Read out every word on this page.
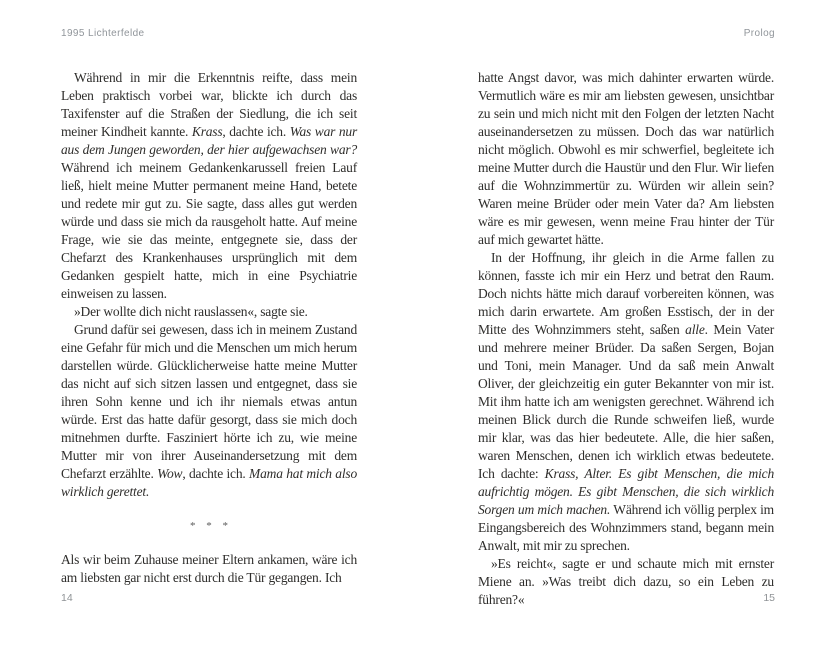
1995 Lichterfelde	Prolog

Während in mir die Erkenntnis reifte, dass mein Leben praktisch vorbei war, blickte ich durch das Taxifenster auf die Straßen der Siedlung, die ich seit meiner Kindheit kannte. Krass, dachte ich. Was war nur aus dem Jungen geworden, der hier aufgewachsen war? Während ich meinem Gedankenkarussell freien Lauf ließ, hielt meine Mutter permanent meine Hand, betete und redete mir gut zu. Sie sagte, dass alles gut werden würde und dass sie mich da rausgeholt hatte. Auf meine Frage, wie sie das meinte, entgegnete sie, dass der Chefarzt des Krankenhauses ursprünglich mit dem Gedanken gespielt hatte, mich in eine Psychiatrie einweisen zu lassen.

»Der wollte dich nicht rauslassen«, sagte sie.

Grund dafür sei gewesen, dass ich in meinem Zustand eine Gefahr für mich und die Menschen um mich herum darstellen würde. Glücklicherweise hatte meine Mutter das nicht auf sich sitzen lassen und entgegnet, dass sie ihren Sohn kenne und ich ihr niemals etwas antun würde. Erst das hatte dafür gesorgt, dass sie mich doch mitnehmen durfte. Fasziniert hörte ich zu, wie meine Mutter mir von ihrer Auseinandersetzung mit dem Chefarzt erzählte. Wow, dachte ich. Mama hat mich also wirklich gerettet.

* * *

Als wir beim Zuhause meiner Eltern ankamen, wäre ich am liebsten gar nicht erst durch die Tür gegangen. Ich

hatte Angst davor, was mich dahinter erwarten würde. Vermutlich wäre es mir am liebsten gewesen, unsichtbar zu sein und mich nicht mit den Folgen der letzten Nacht auseinandersetzen zu müssen. Doch das war natürlich nicht möglich. Obwohl es mir schwerfiel, begleitete ich meine Mutter durch die Haustür und den Flur. Wir liefen auf die Wohnzimmertür zu. Würden wir allein sein? Waren meine Brüder oder mein Vater da? Am liebsten wäre es mir gewesen, wenn meine Frau hinter der Tür auf mich gewartet hätte.

In der Hoffnung, ihr gleich in die Arme fallen zu können, fasste ich mir ein Herz und betrat den Raum. Doch nichts hätte mich darauf vorbereiten können, was mich darin erwartete. Am großen Esstisch, der in der Mitte des Wohnzimmers steht, saßen alle. Mein Vater und mehrere meiner Brüder. Da saßen Sergen, Bojan und Toni, mein Manager. Und da saß mein Anwalt Oliver, der gleichzeitig ein guter Bekannter von mir ist. Mit ihm hatte ich am wenigsten gerechnet. Während ich meinen Blick durch die Runde schweifen ließ, wurde mir klar, was das hier bedeutete. Alle, die hier saßen, waren Menschen, denen ich wirklich etwas bedeutete. Ich dachte: Krass, Alter. Es gibt Menschen, die mich aufrichtig mögen. Es gibt Menschen, die sich wirklich Sorgen um mich machen. Während ich völlig perplex im Eingangsbereich des Wohnzimmers stand, begann mein Anwalt, mit mir zu sprechen.

»Es reicht«, sagte er und schaute mich mit ernster Miene an. »Was treibt dich dazu, so ein Leben zu führen?«

14	15
